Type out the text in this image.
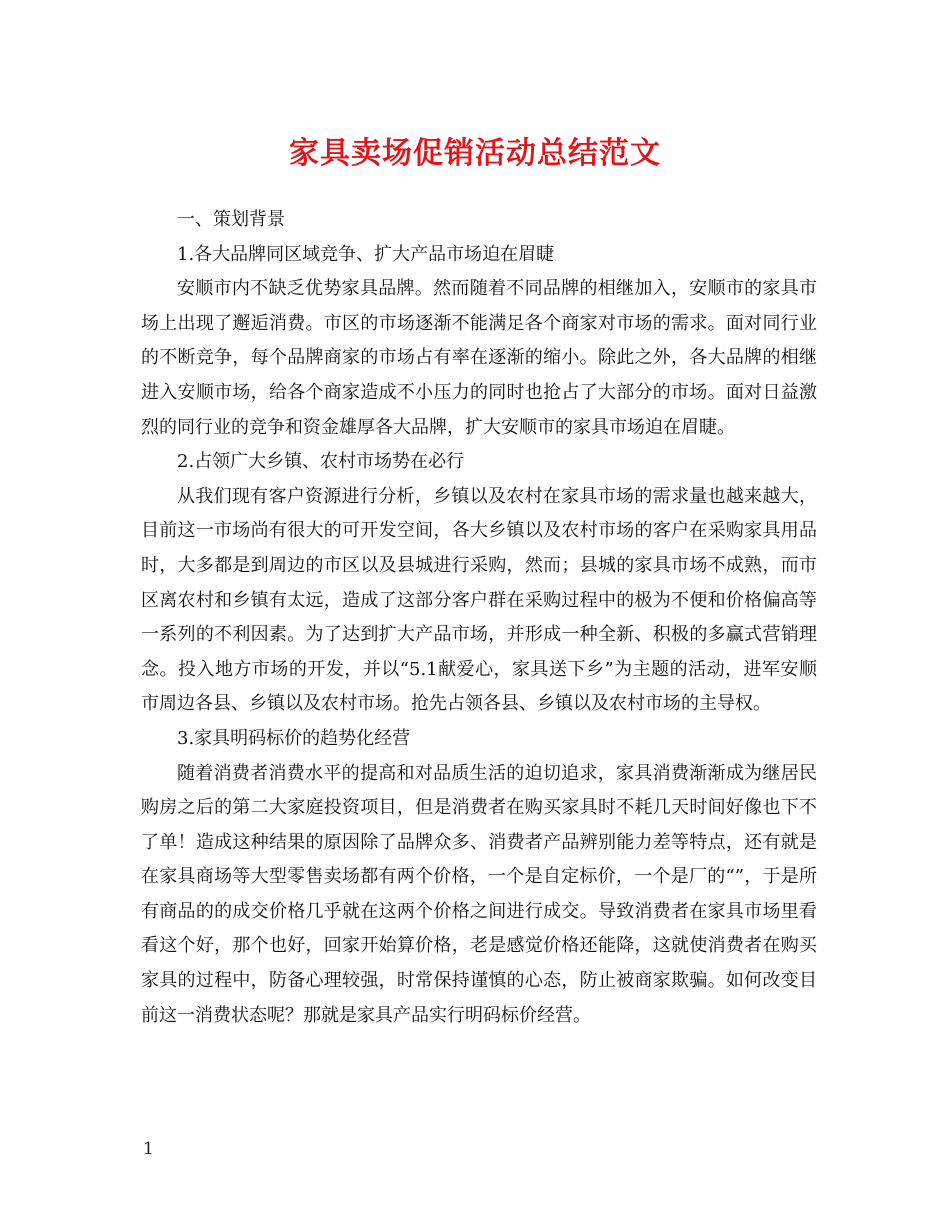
家具卖场促销活动总结范文

一、策划背景

1.各大品牌同区域竞争、扩大产品市场迫在眉睫

安顺市内不缺乏优势家具品牌。然而随着不同品牌的相继加入，安顺市的家具市场上出现了邂逅消费。市区的市场逐渐不能满足各个商家对市场的需求。面对同行业的不断竞争，每个品牌商家的市场占有率在逐渐的缩小。除此之外，各大品牌的相继进入安顺市场，给各个商家造成不小压力的同时也抢占了大部分的市场。面对日益激烈的同行业的竞争和资金雄厚各大品牌，扩大安顺市的家具市场迫在眉睫。

2.占领广大乡镇、农村市场势在必行

从我们现有客户资源进行分析，乡镇以及农村在家具市场的需求量也越来越大，目前这一市场尚有很大的可开发空间，各大乡镇以及农村市场的客户在采购家具用品时，大多都是到周边的市区以及县城进行采购，然而；县城的家具市场不成熟，而市区离农村和乡镇有太远，造成了这部分客户群在采购过程中的极为不便和价格偏高等一系列的不利因素。为了达到扩大产品市场，并形成一种全新、积极的多赢式营销理念。投入地方市场的开发，并以“5.1献爱心，家具送下乡”为主题的活动，进军安顺市周边各县、乡镇以及农村市场。抢先占领各县、乡镇以及农村市场的主导权。

3.家具明码标价的趋势化经营

随着消费者消费水平的提高和对品质生活的迫切追求，家具消费渐渐成为继居民购房之后的第二大家庭投资项目，但是消费者在购买家具时不耗几天时间好像也下不了单！造成这种结果的原因除了品牌众多、消费者产品辨别能力差等特点，还有就是在家具商场等大型零售卖场都有两个价格，一个是自定标价，一个是厂的“”，于是所有商品的的成交价格几乎就在这两个价格之间进行成交。导致消费者在家具市场里看看这个好，那个也好，回家开始算价格，老是感觉价格还能降，这就使消费者在购买家具的过程中，防备心理较强，时常保持谨慎的心态，防止被商家欺骗。如何改变目前这一消费状态呢？那就是家具产品实行明码标价经营。

1
